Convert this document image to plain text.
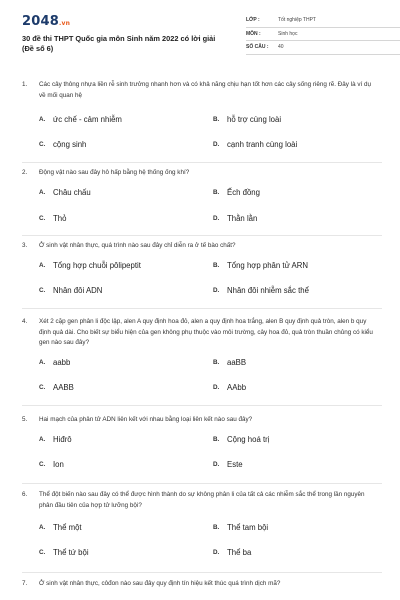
2048.vn
30 đề thi THPT Quốc gia môn Sinh năm 2022 có lời giải (Đề số 6)
LỚP :	Tốt nghiệp THPT
MÔN :	Sinh học
SỐ CÂU :	40
1.	Các cây thông nhựa liền rễ sinh trưởng nhanh hơn và có khả năng chịu hạn tốt hơn các cây sống riêng rẽ. Đây là ví dụ về mối quan hệ
A. ức chế - cảm nhiễm	B. hỗ trợ cùng loài
C. cộng sinh	D. cạnh tranh cùng loài
2.	Động vật nào sau đây hô hấp bằng hệ thống ống khí?
A. Châu chấu	B. Ếch đồng
C. Thỏ	D. Thằn lằn
3.	Ở sinh vật nhân thực, quá trình nào sau đây chỉ diễn ra ở tế bào chất?
A. Tổng hợp chuỗi pôlipeptit	B. Tổng hợp phân tử ARN
C. Nhân đôi ADN	D. Nhân đôi nhiễm sắc thể
4.	Xét 2 cặp gen phân li độc lập, alen A quy định hoa đỏ, alen a quy định hoa trắng, alen B quy định quả tròn, alen b quy định quả dài. Cho biết sự biểu hiện của gen không phụ thuộc vào môi trường, cây hoa đỏ, quả tròn thuần chủng có kiểu gen nào sau đây?
A. aabb	B. aaBB
C. AABB	D. AAbb
5.	Hai mạch của phân tử ADN liên kết với nhau bằng loại liên kết nào sau đây?
A. Hiđrô	B. Cộng hoá trị
C. Ion	D. Este
6.	Thể đột biến nào sau đây có thể được hình thành do sự không phân li của tất cả các nhiễm sắc thể trong lần nguyên phân đầu tiên của hợp tử lưỡng bội?
A. Thể một	B. Thể tam bội
C. Thể tứ bội	D. Thể ba
7.	Ở sinh vật nhân thực, côđon nào sau đây quy định tín hiệu kết thúc quá trình dịch mã?
